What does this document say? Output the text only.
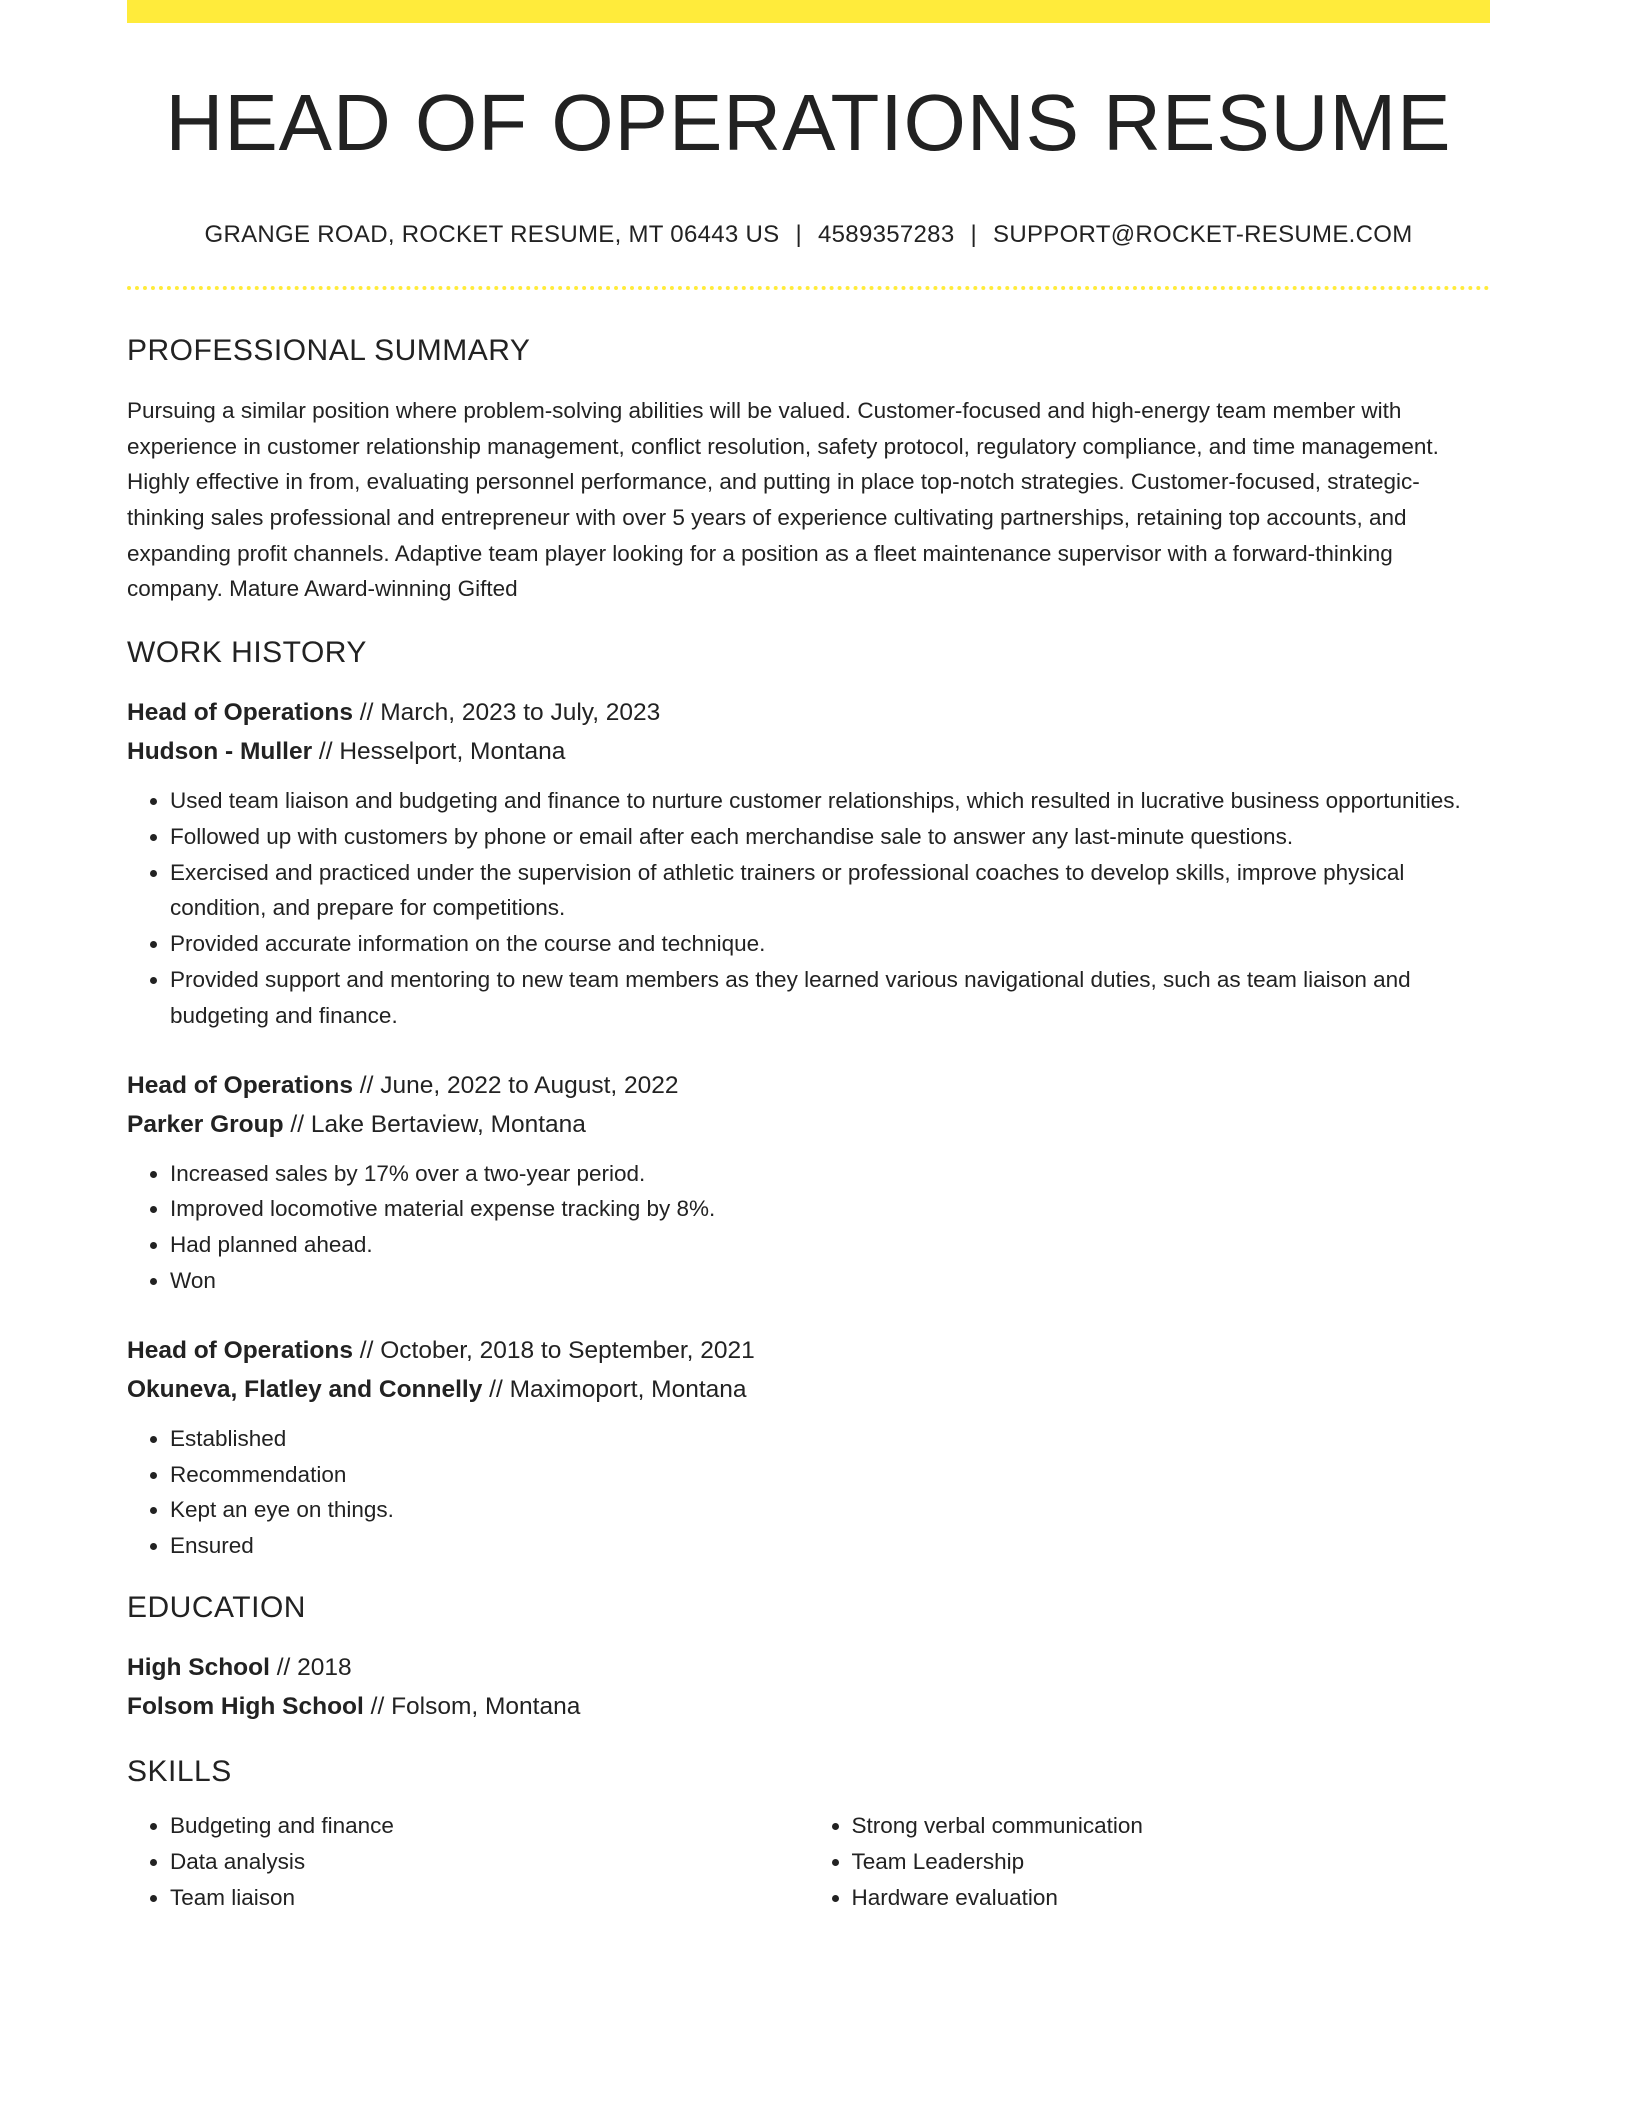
HEAD OF OPERATIONS RESUME
GRANGE ROAD, ROCKET RESUME, MT 06443 US | 4589357283 | SUPPORT@ROCKET-RESUME.COM
PROFESSIONAL SUMMARY

Pursuing a similar position where problem-solving abilities will be valued. Customer-focused and high-energy team member with experience in customer relationship management, conflict resolution, safety protocol, regulatory compliance, and time management. Highly effective in from, evaluating personnel performance, and putting in place top-notch strategies. Customer-focused, strategic-thinking sales professional and entrepreneur with over 5 years of experience cultivating partnerships, retaining top accounts, and expanding profit channels. Adaptive team player looking for a position as a fleet maintenance supervisor with a forward-thinking company. Mature Award-winning Gifted

WORK HISTORY
Head of Operations // March, 2023 to July, 2023
Hudson - Muller // Hesselport, Montana
• Used team liaison and budgeting and finance to nurture customer relationships, which resulted in lucrative business opportunities.
• Followed up with customers by phone or email after each merchandise sale to answer any last-minute questions.
• Exercised and practiced under the supervision of athletic trainers or professional coaches to develop skills, improve physical condition, and prepare for competitions.
• Provided accurate information on the course and technique.
• Provided support and mentoring to new team members as they learned various navigational duties, such as team liaison and budgeting and finance.
Head of Operations // June, 2022 to August, 2022
Parker Group // Lake Bertaview, Montana
• Increased sales by 17% over a two-year period.
• Improved locomotive material expense tracking by 8%.
• Had planned ahead.
• Won
Head of Operations // October, 2018 to September, 2021
Okuneva, Flatley and Connelly // Maximoport, Montana
• Established
• Recommendation
• Kept an eye on things.
• Ensured
EDUCATION
High School // 2018
Folsom High School // Folsom, Montana
SKILLS
• Budgeting and finance
• Data analysis
• Team liaison
• Strong verbal communication
• Team Leadership
• Hardware evaluation
